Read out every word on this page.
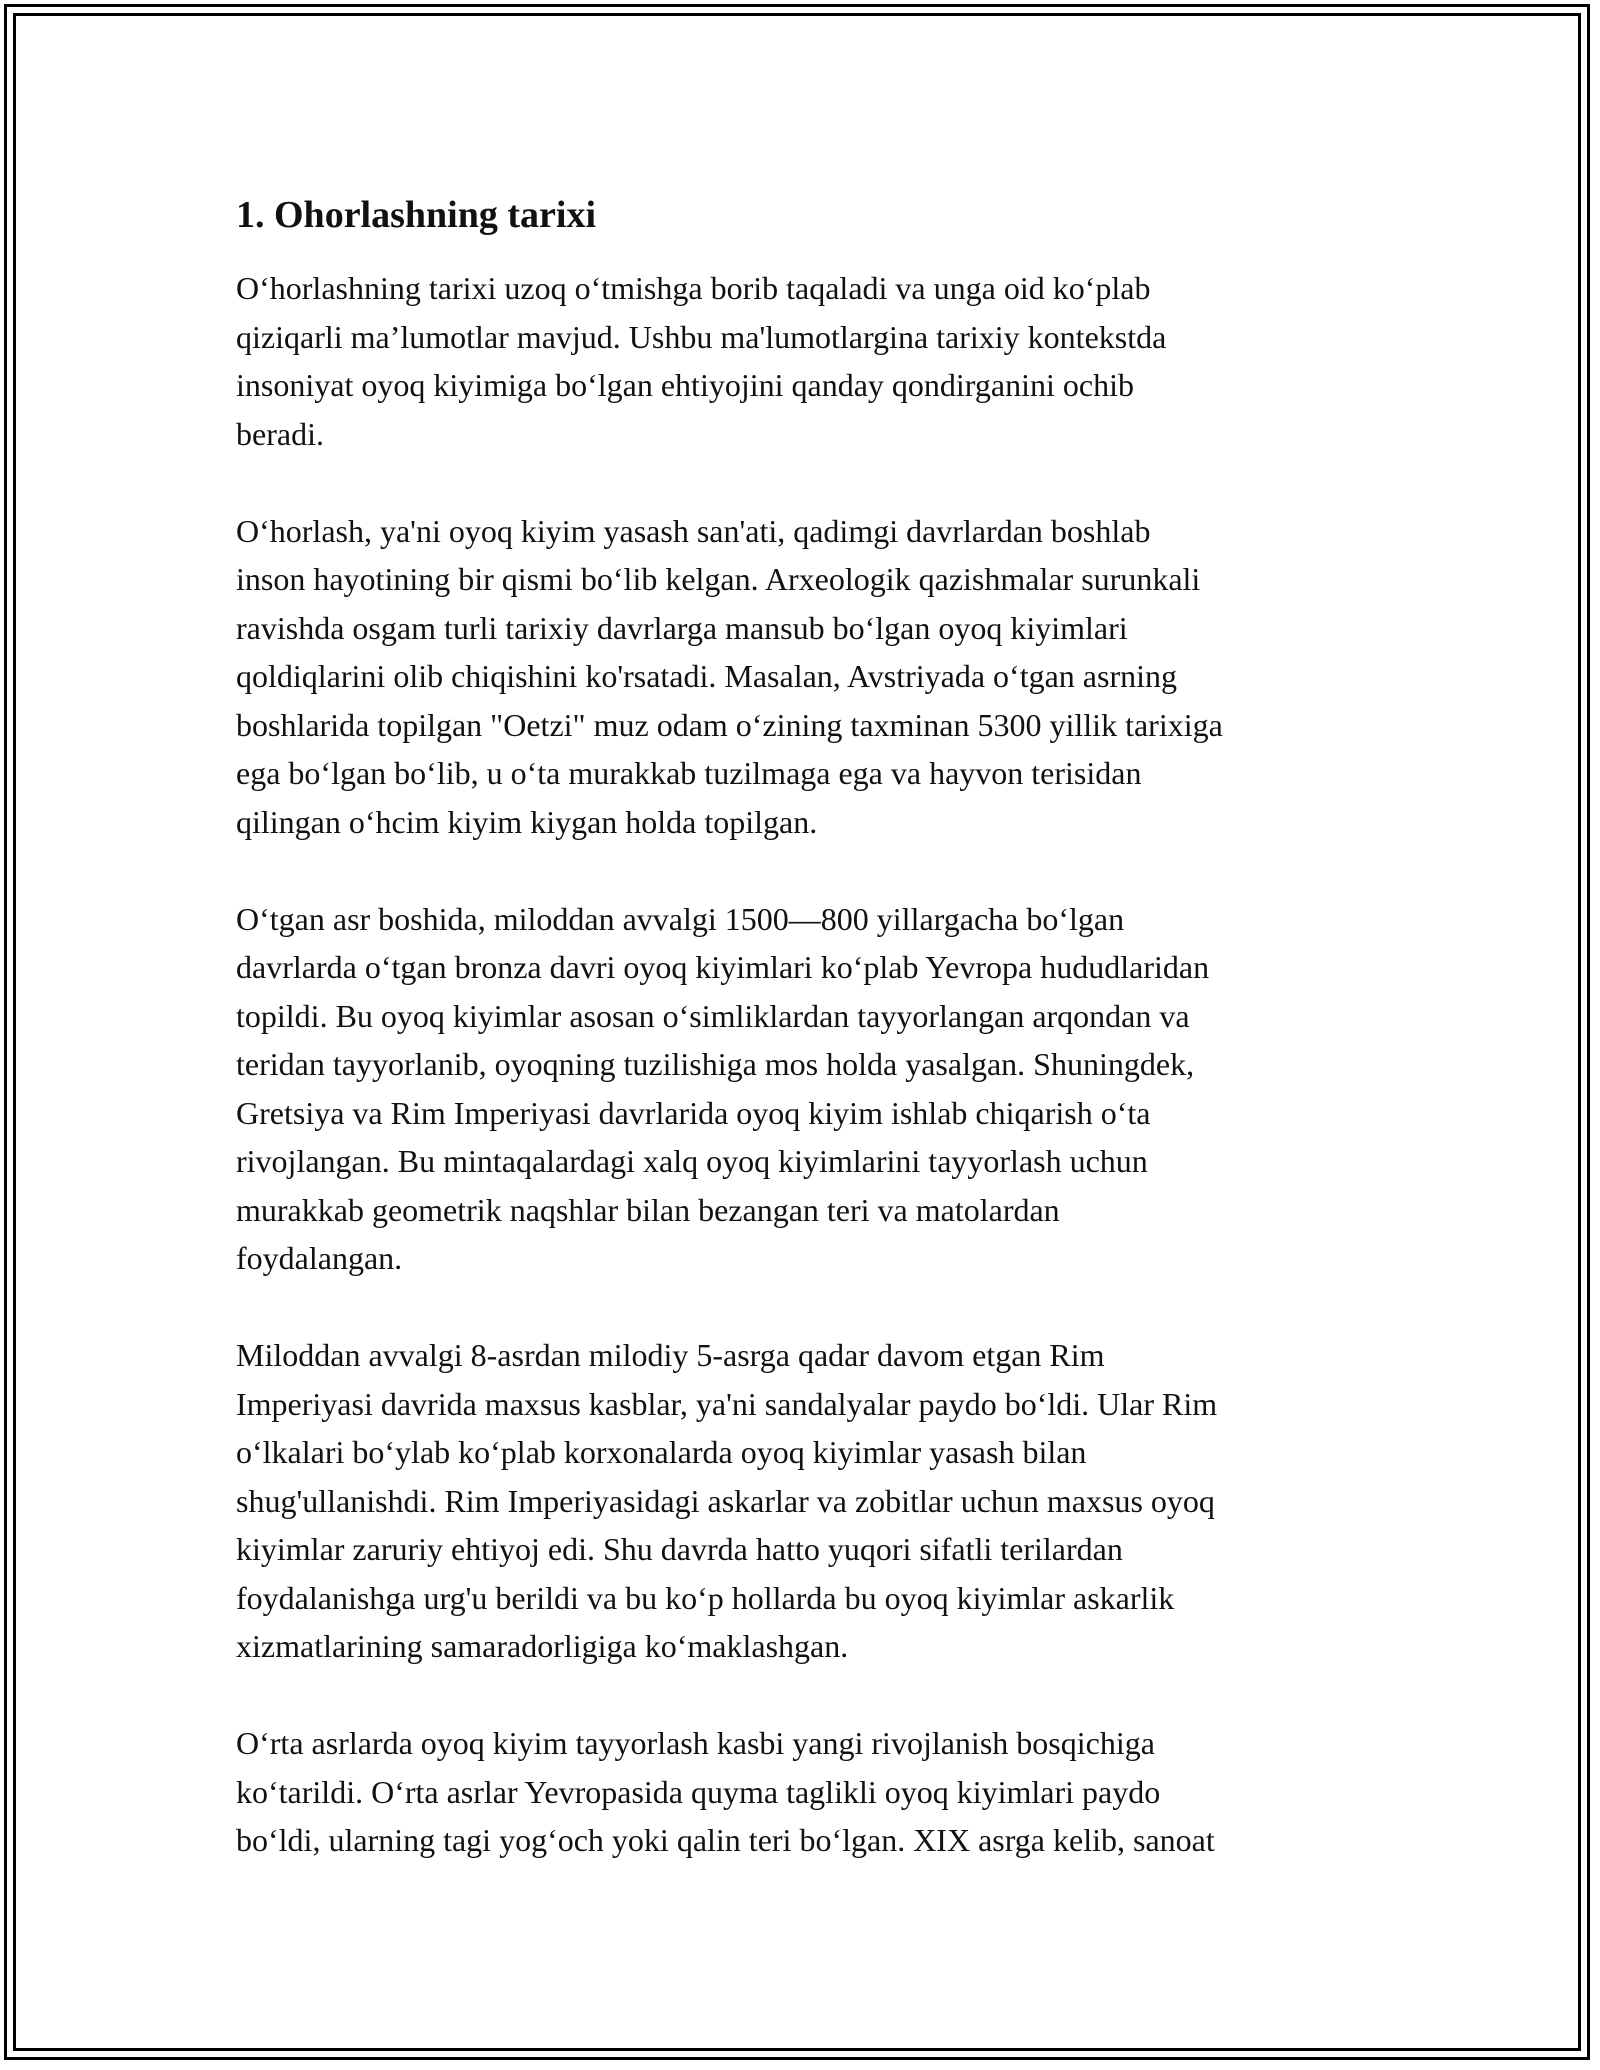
1. Ohorlashning tarixi
O‘horlashning tarixi uzoq o‘tmishga borib taqaladi va unga oid ko‘plab
qiziqarli ma’lumotlar mavjud. Ushbu ma'lumotlargina tarixiy kontekstda
insoniyat oyoq kiyimiga bo‘lgan ehtiyojini qanday qondirganini ochib
beradi.
O‘horlash, ya'ni oyoq kiyim yasash san'ati, qadimgi davrlardan boshlab
inson hayotining bir qismi bo‘lib kelgan. Arxeologik qazishmalar surunkali
ravishda osgam turli tarixiy davrlarga mansub bo‘lgan oyoq kiyimlari
qoldiqlarini olib chiqishini ko'rsatadi. Masalan, Avstriyada o‘tgan asrning
boshlarida topilgan "Oetzi" muz odam o‘zining taxminan 5300 yillik tarixiga
ega bo‘lgan bo‘lib, u o‘ta murakkab tuzilmaga ega va hayvon terisidan
qilingan o‘hcim kiyim kiygan holda topilgan.
O‘tgan asr boshida, miloddan avvalgi 1500—800 yillargacha bo‘lgan
davrlarda o‘tgan bronza davri oyoq kiyimlari ko‘plab Yevropa hududlaridan
topildi. Bu oyoq kiyimlar asosan o‘simliklardan tayyorlangan arqondan va
teridan tayyorlanib, oyoqning tuzilishiga mos holda yasalgan. Shuningdek,
Gretsiya va Rim Imperiyasi davrlarida oyoq kiyim ishlab chiqarish o‘ta
rivojlangan. Bu mintaqalardagi xalq oyoq kiyimlarini tayyorlash uchun
murakkab geometrik naqshlar bilan bezangan teri va matolardan
foydalangan.
Miloddan avvalgi 8-asrdan milodiy 5-asrga qadar davom etgan Rim
Imperiyasi davrida maxsus kasblar, ya'ni sandalyalar paydo bo‘ldi. Ular Rim
o‘lkalari bo‘ylab ko‘plab korxonalarda oyoq kiyimlar yasash bilan
shug'ullanishdi. Rim Imperiyasidagi askarlar va zobitlar uchun maxsus oyoq
kiyimlar zaruriy ehtiyoj edi. Shu davrda hatto yuqori sifatli terilardan
foydalanishga urg'u berildi va bu ko‘p hollarda bu oyoq kiyimlar askarlik
xizmatlarining samaradorligiga ko‘maklashgan.
O‘rta asrlarda oyoq kiyim tayyorlash kasbi yangi rivojlanish bosqichiga
ko‘tarildi. O‘rta asrlar Yevropasida quyma taglikli oyoq kiyimlari paydo
bo‘ldi, ularning tagi yog‘och yoki qalin teri bo‘lgan. XIX asrga kelib, sanoat
